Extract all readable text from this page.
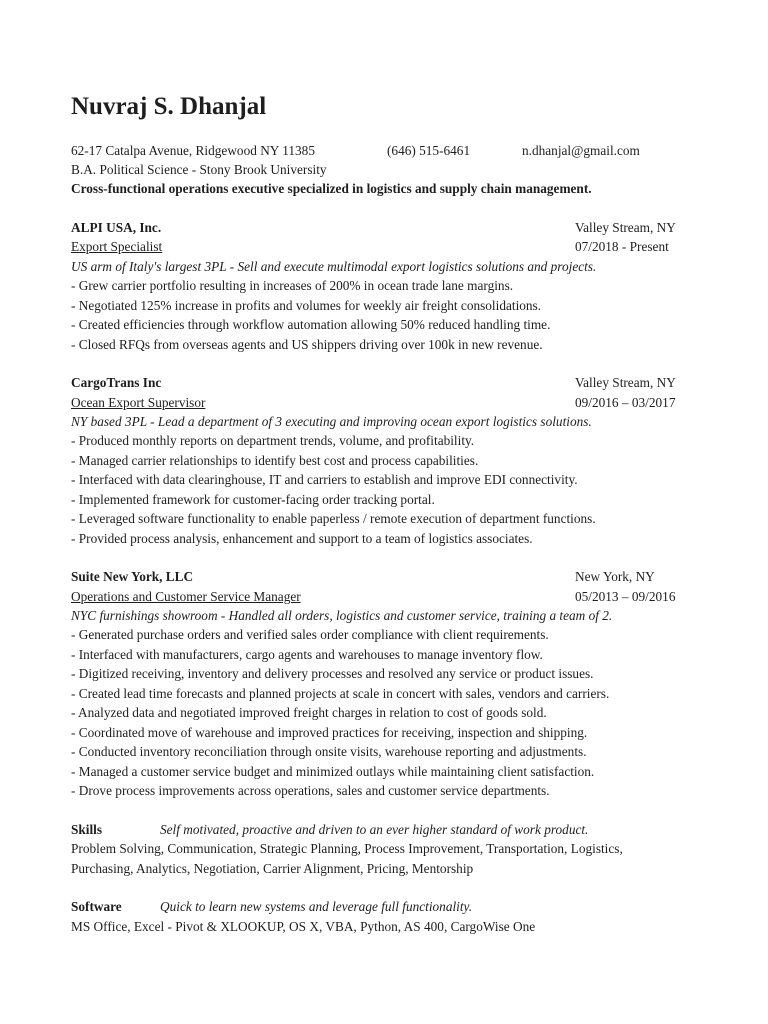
Nuvraj S. Dhanjal
62-17 Catalpa Avenue, Ridgewood NY 11385	(646) 515-6461	n.dhanjal@gmail.com
B.A. Political Science - Stony Brook University
Cross-functional operations executive specialized in logistics and supply chain management.
ALPI USA, Inc.	Valley Stream, NY
Export Specialist	07/2018 - Present
US arm of Italy's largest 3PL - Sell and execute multimodal export logistics solutions and projects.
- Grew carrier portfolio resulting in increases of 200% in ocean trade lane margins.
- Negotiated 125% increase in profits and volumes for weekly air freight consolidations.
- Created efficiencies through workflow automation allowing 50% reduced handling time.
- Closed RFQs from overseas agents and US shippers driving over 100k in new revenue.
CargoTrans Inc	Valley Stream, NY
Ocean Export Supervisor	09/2016 – 03/2017
NY based 3PL - Lead a department of 3 executing and improving ocean export logistics solutions.
- Produced monthly reports on department trends, volume, and profitability.
- Managed carrier relationships to identify best cost and process capabilities.
- Interfaced with data clearinghouse, IT and carriers to establish and improve EDI connectivity.
- Implemented framework for customer-facing order tracking portal.
- Leveraged software functionality to enable paperless / remote execution of department functions.
- Provided process analysis, enhancement and support to a team of logistics associates.
Suite New York, LLC	New York, NY
Operations and Customer Service Manager	05/2013 – 09/2016
NYC furnishings showroom - Handled all orders, logistics and customer service, training a team of 2.
- Generated purchase orders and verified sales order compliance with client requirements.
- Interfaced with manufacturers, cargo agents and warehouses to manage inventory flow.
- Digitized receiving, inventory and delivery processes and resolved any service or product issues.
- Created lead time forecasts and planned projects at scale in concert with sales, vendors and carriers.
- Analyzed data and negotiated improved freight charges in relation to cost of goods sold.
- Coordinated move of warehouse and improved practices for receiving, inspection and shipping.
- Conducted inventory reconciliation through onsite visits, warehouse reporting and adjustments.
- Managed a customer service budget and minimized outlays while maintaining client satisfaction.
- Drove process improvements across operations, sales and customer service departments.
Skills	Self motivated, proactive and driven to an ever higher standard of work product.
Problem Solving, Communication, Strategic Planning, Process Improvement, Transportation, Logistics,
Purchasing, Analytics, Negotiation, Carrier Alignment, Pricing, Mentorship
Software	Quick to learn new systems and leverage full functionality.
MS Office, Excel - Pivot & XLOOKUP, OS X, VBA, Python, AS 400, CargoWise One
